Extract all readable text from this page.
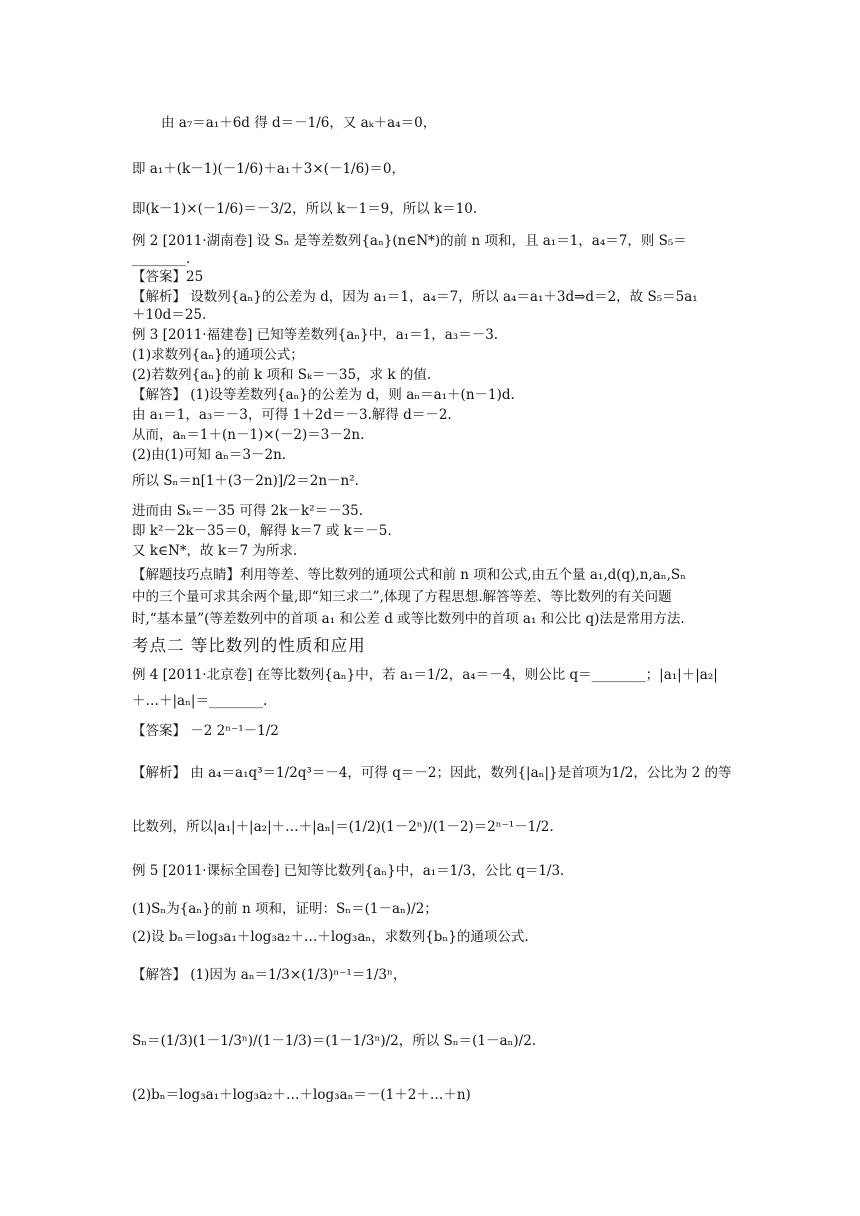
由 a₇＝a₁＋6d 得 d＝－1/6，又 aₖ＋a₄＝0，
即 a₁＋(k－1)(－1/6)＋a₁＋3×(－1/6)＝0，
即(k－1)×(－1/6)＝－3/2，所以 k－1＝9，所以 k＝10.
例 2 [2011·湖南卷] 设 Sₙ 是等差数列{aₙ}(n∈N*)的前 n 项和，且 a₁＝1，a₄＝7，则 S₅＝
________.
【答案】25
【解析】 设数列{aₙ}的公差为 d，因为 a₁＝1，a₄＝7，所以 a₄＝a₁＋3d⇒d＝2，故 S₅＝5a₁
＋10d＝25.
例 3 [2011·福建卷] 已知等差数列{aₙ}中，a₁＝1，a₃＝－3.
(1)求数列{aₙ}的通项公式；
(2)若数列{aₙ}的前 k 项和 Sₖ＝－35，求 k 的值.
【解答】 (1)设等差数列{aₙ}的公差为 d，则 aₙ＝a₁＋(n－1)d.
由 a₁＝1，a₃＝－3，可得 1＋2d＝－3.解得 d＝－2.
从而，aₙ＝1＋(n－1)×(－2)＝3－2n.
(2)由(1)可知 aₙ＝3－2n.
所以 Sₙ＝n[1＋(3－2n)]/2＝2n－n².
进而由 Sₖ＝－35 可得 2k－k²＝－35.
即 k²－2k－35＝0，解得 k＝7 或 k＝－5.
又 k∈N*，故 k＝7 为所求.
【解题技巧点睛】利用等差、等比数列的通项公式和前 n 项和公式,由五个量 a₁,d(q),n,aₙ,Sₙ
中的三个量可求其余两个量,即“知三求二”,体现了方程思想.解答等差、等比数列的有关问题
时,“基本量”(等差数列中的首项 a₁ 和公差 d 或等比数列中的首项 a₁ 和公比 q)法是常用方法.
考点二 等比数列的性质和应用
例 4 [2011·北京卷] 在等比数列{aₙ}中，若 a₁＝1/2，a₄＝－4，则公比 q＝________；|a₁|＋|a₂|
＋…＋|aₙ|＝________.
【答案】 －2 2ⁿ⁻¹－1/2
【解析】 由 a₄＝a₁q³＝1/2q³＝－4，可得 q＝－2；因此，数列{|aₙ|}是首项为1/2，公比为 2 的等
比数列，所以|a₁|＋|a₂|＋…＋|aₙ|＝(1/2)(1－2ⁿ)/(1－2)＝2ⁿ⁻¹－1/2.
例 5 [2011·课标全国卷] 已知等比数列{aₙ}中，a₁＝1/3，公比 q＝1/3.
(1)Sₙ为{aₙ}的前 n 项和，证明：Sₙ＝(1－aₙ)/2；
(2)设 bₙ＝log₃a₁＋log₃a₂＋…＋log₃aₙ，求数列{bₙ}的通项公式.
【解答】 (1)因为 aₙ＝1/3×(1/3)ⁿ⁻¹＝1/3ⁿ，
Sₙ＝(1/3)(1－1/3ⁿ)/(1－1/3)＝(1－1/3ⁿ)/2，所以 Sₙ＝(1－aₙ)/2.
(2)bₙ＝log₃a₁＋log₃a₂＋…＋log₃aₙ＝－(1＋2＋…＋n)
